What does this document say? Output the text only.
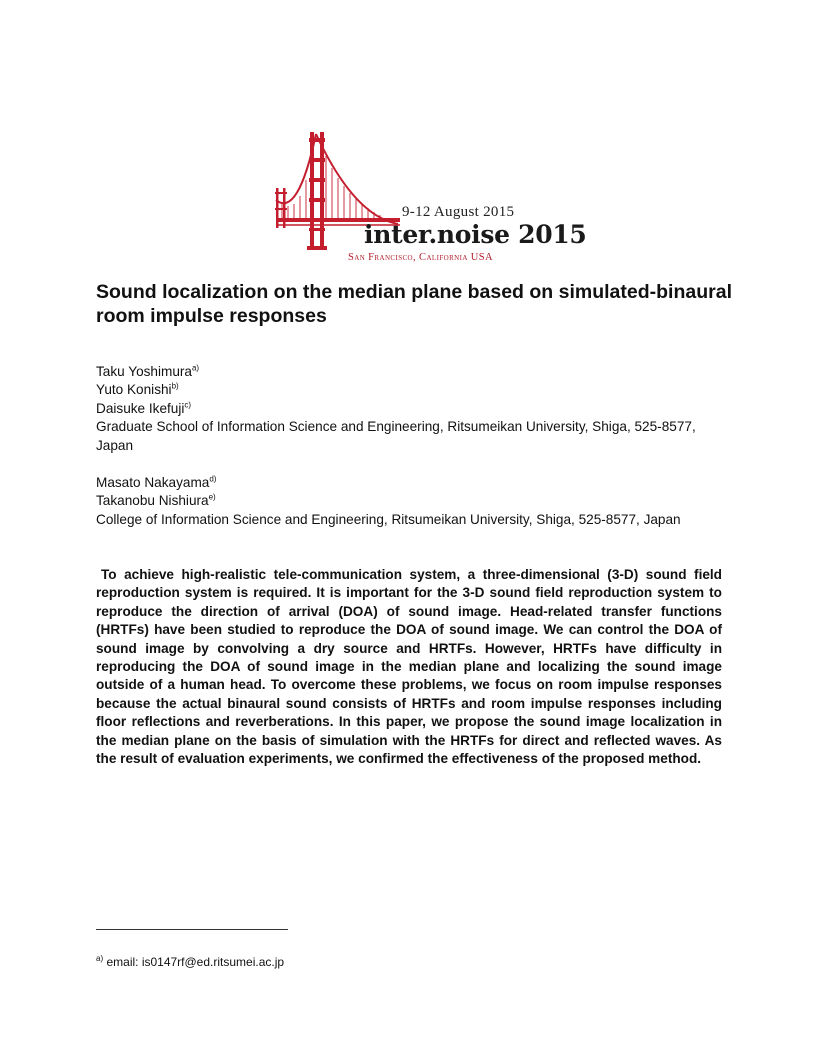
9-12 August 2015
inter.noise 2015
San Francisco, California USA
Sound localization on the median plane based on simulated-binaural room impulse responses

Taku Yoshimura$^{a)}$

Yuto Konishi$^{b)}$

Daisuke Ikefuji$^{c)}$

Graduate School of Information Science and Engineering, Ritsumeikan University, Shiga, 525-8577, Japan

Masato Nakayama$^{d)}$

Takanobu Nishiura$^{e)}$

College of Information Science and Engineering, Ritsumeikan University, Shiga, 525-8577, Japan

To achieve high-realistic tele-communication system, a three-dimensional (3-D) sound field reproduction system is required. It is important for the 3-D sound field reproduction system to reproduce the direction of arrival (DOA) of sound image. Head-related transfer functions (HRTFs) have been studied to reproduce the DOA of sound image. We can control the DOA of sound image by convolving a dry source and HRTFs. However, HRTFs have difficulty in reproducing the DOA of sound image in the median plane and localizing the sound image outside of a human head. To overcome these problems, we focus on room impulse responses because the actual binaural sound consists of HRTFs and room impulse responses including floor reflections and reverberations. In this paper, we propose the sound image localization in the median plane on the basis of simulation with the HRTFs for direct and reflected waves. As the result of evaluation experiments, we confirmed the effectiveness of the proposed method.

$^{a)}$ email: is0147rf@ed.ritsumei.ac.jp
